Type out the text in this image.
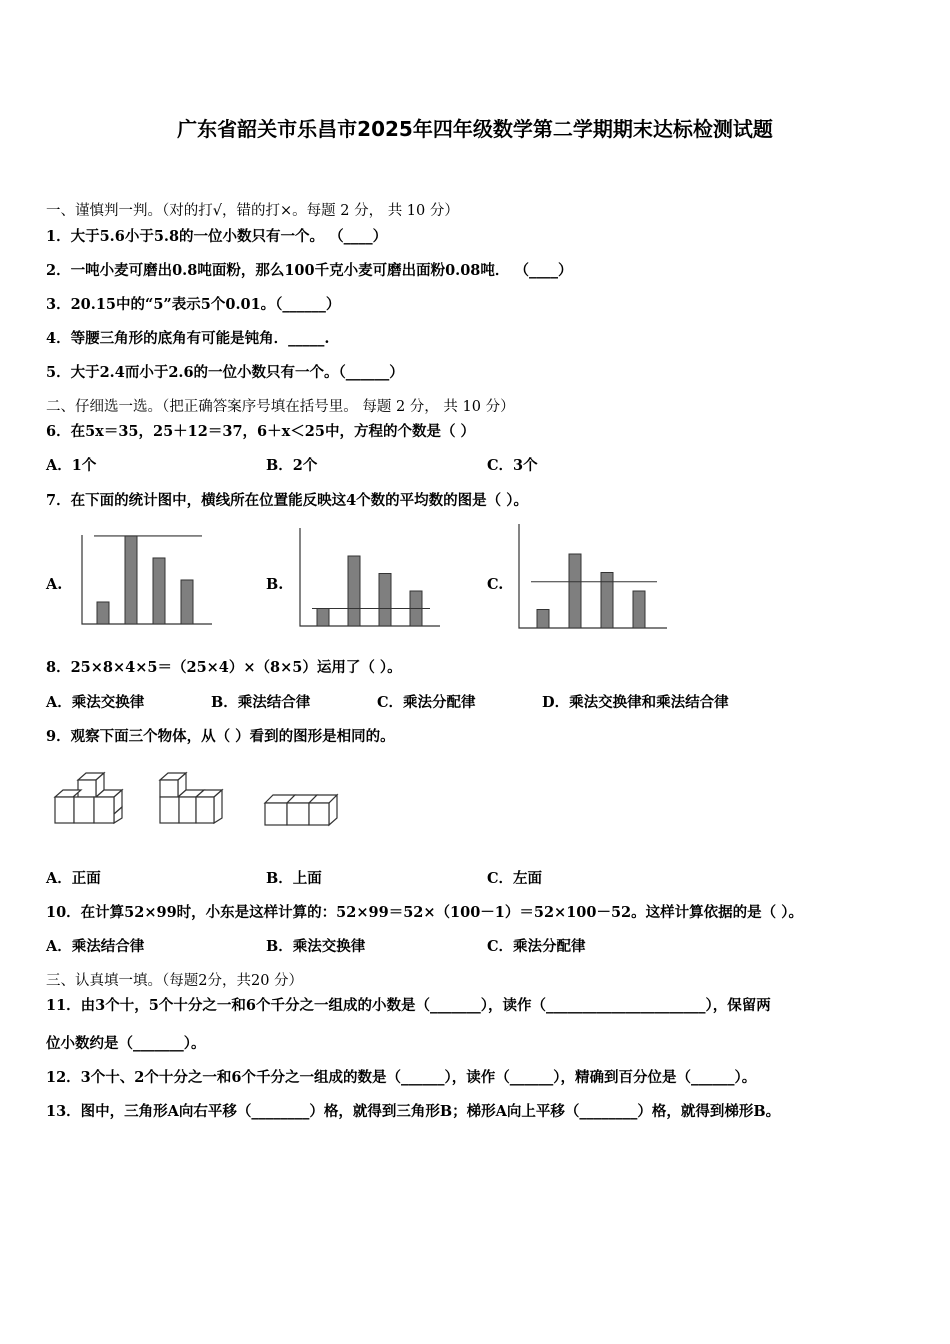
广东省韶关市乐昌市2025年四年级数学第二学期期末达标检测试题
一、谨慎判一判。（对的打√，错的打×。每题 2 分， 共 10 分）
1．大于5.6小于5.8的一位小数只有一个。 （____）
2．一吨小麦可磨出0.8吨面粉，那么100千克小麦可磨出面粉0.08吨． （____）
3．20.15中的“5”表示5个0.01。（______）
4．等腰三角形的底角有可能是钝角．_____.
5．大于2.4而小于2.6的一位小数只有一个。（______）
二、仔细选一选。（把正确答案序号填在括号里。 每题 2 分， 共 10 分）
6．在5x＝35，25＋12＝37，6＋x＜25中，方程的个数是（ ）
A．1个	B．2个	C．3个
7．在下面的统计图中，横线所在位置能反映这4个数的平均数的图是（ ）。
A.	B.	C.
8．25×8×4×5＝（25×4）×（8×5）运用了（ ）。
A．乘法交换律	B．乘法结合律	C．乘法分配律	D．乘法交换律和乘法结合律
9．观察下面三个物体，从（ ）看到的图形是相同的。
A．正面	B．上面	C．左面
10．在计算52×99时，小东是这样计算的：52×99＝52×（100－1）＝52×100－52。这样计算依据的是（ ）。
A．乘法结合律	B．乘法交换律	C．乘法分配律
三、认真填一填。（每题2分，共20 分）
11．由3个十，5个十分之一和6个千分之一组成的小数是（_______），读作（______________________），保留两
位小数约是（_______）。
12．3个十、2个十分之一和6个千分之一组成的数是（______），读作（______），精确到百分位是（______）。
13．图中，三角形A向右平移（________）格，就得到三角形B；梯形A向上平移（________）格，就得到梯形B。
